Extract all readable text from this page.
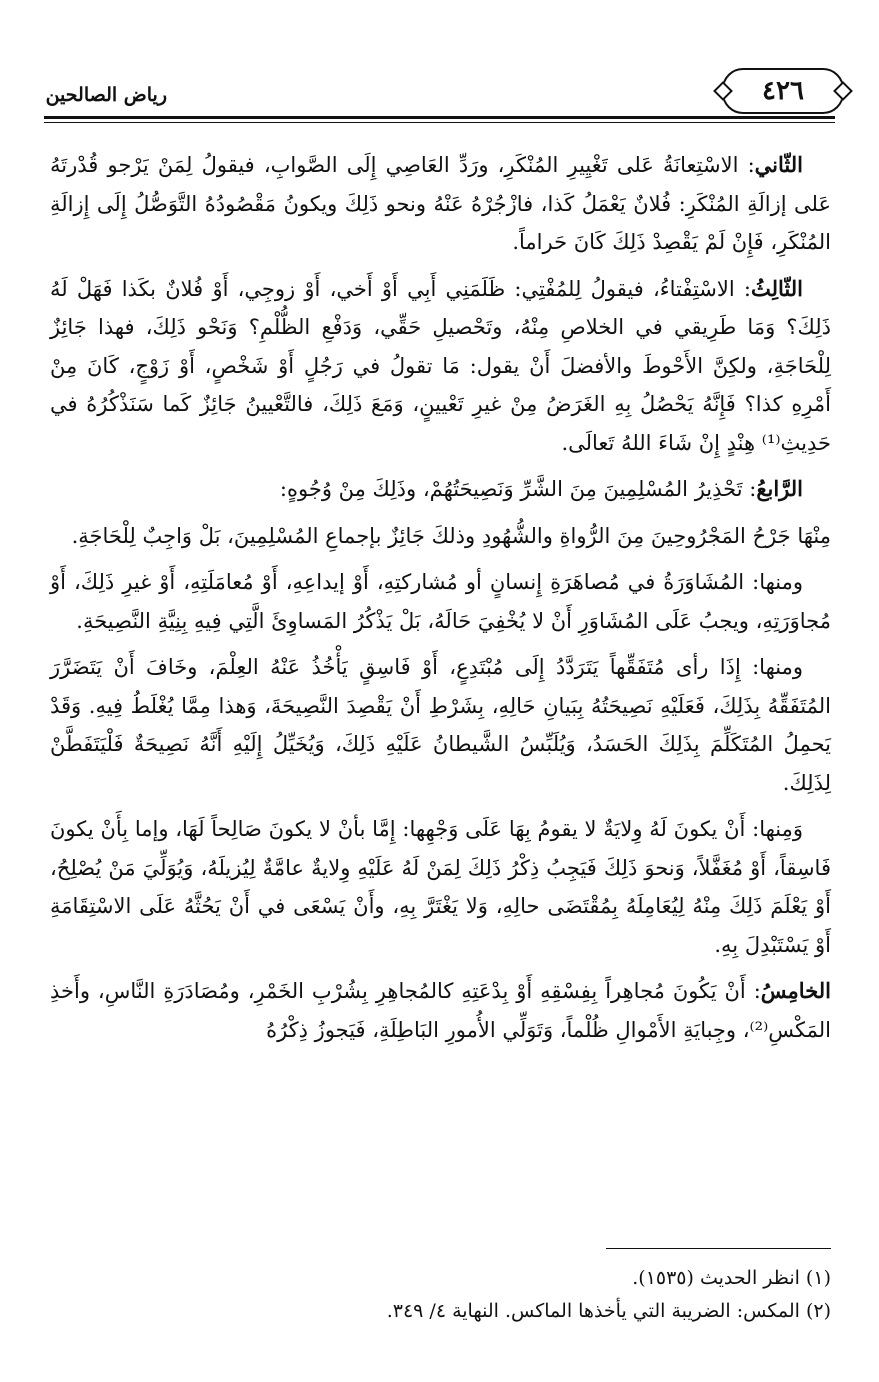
رياض الصالحين	٤٢٦

الثّاني: الاسْتِعانَةُ عَلى تَغْيِيرِ المُنْكَرِ، ورَدِّ العَاصِي إِلَى الصَّوابِ، فيقولُ لِمَنْ يَرْجو قُدْرتَهُ عَلى إزالَةِ المُنْكَرِ: فُلانٌ يَعْمَلُ كَذا، فازْجُرْهُ عَنْهُ ونحو ذَلِكَ ويكونُ مَقْصُودُهُ التَّوَصُّلُ إِلَى إِزالَةِ المُنْكَرِ، فَإِنْ لَمْ يَقْصِدْ ذَلِكَ كَانَ حَراماً.

الثّالِثُ: الاسْتِفْتاءُ، فيقولُ لِلمُفْتِي: ظَلَمَنِي أَبِي أَوْ أَخي، أَوْ زوجِي، أَوْ فُلانٌ بكَذا فَهَلْ لَهُ ذَلِكَ؟ وَمَا طَرِيقي في الخلاصِ مِنْهُ، وتَحْصيلِ حَقِّي، وَدَفْعِ الظُّلْمِ؟ وَنَحْو ذَلِكَ، فهذا جَائِزٌ لِلْحَاجَةِ، ولكِنَّ الأَحْوطَ والأفضلَ أَنْ يقول: مَا تقولُ في رَجُلٍ أَوْ شَخْصٍ، أَوْ زَوْجٍ، كَانَ مِنْ أَمْرِهِ كذا؟ فَإِنَّهُ يَحْصُلُ بِهِ الغَرَضُ مِنْ غيرِ تَعْيينٍ، وَمَعَ ذَلِكَ، فالتَّعْيينُ جَائِزٌ كَما سَنَذْكُرُهُ في حَدِيثِ⁽¹⁾ هِنْدٍ إِنْ شَاءَ اللهُ تَعالَى.

الرَّابعُ: تَحْذِيرُ المُسْلِمِينَ مِنَ الشَّرِّ وَنَصِيحَتُهُمْ، وذَلِكَ مِنْ وُجُوهٍ:

مِنْهَا جَرْحُ المَجْرُوحِينَ مِنَ الرُّواةِ والشُّهُودِ وذلكَ جَائِزٌ بإجماعِ المُسْلِمِينَ، بَلْ وَاجِبٌ لِلْحَاجَةِ.

ومنها: المُشَاوَرَةُ في مُصاهَرَةِ إِنسانٍ أو مُشاركتِهِ، أَوْ إيداعِهِ، أَوْ مُعامَلَتِهِ، أَوْ غيرِ ذَلِكَ، أَوْ مُجاوَرَتِهِ، ويجبُ عَلَى المُشَاوَرِ أَنْ لا يُخْفِيَ حَالَهُ، بَلْ يَذْكُرُ المَساوِئَ الَّتِي فِيهِ بِنِيَّةِ النَّصِيحَةِ.

ومنها: إِذَا رأى مُتَفَقِّهاً يَتَرَدَّدُ إِلَى مُبْتَدِعٍ، أَوْ فَاسِقٍ يَأْخُذُ عَنْهُ العِلْمَ، وخَافَ أَنْ يَتَضَرَّرَ المُتَفَقِّهُ بِذَلِكَ، فَعَلَيْهِ نَصِيحَتُهُ بِبَيانِ حَالِهِ، بِشَرْطِ أَنْ يَقْصِدَ النَّصِيحَةَ، وَهذا مِمَّا يُغْلَطُ فِيهِ. وَقَدْ يَحمِلُ المُتَكَلِّمَ بِذَلِكَ الحَسَدُ، وَيُلَبِّسُ الشَّيطانُ عَلَيْهِ ذَلِكَ، وَيُخَيِّلُ إِلَيْهِ أَنَّهُ نَصِيحَةٌ فَلْيَتَفَطَّنْ لِذَلِكَ.

وَمِنها: أَنْ يكونَ لَهُ وِلايَةٌ لا يقومُ بِهَا عَلَى وَجْهِها: إِمَّا بأنْ لا يكونَ صَالِحاً لَهَا، وإما بِأَنْ يكونَ فَاسِقاً، أَوْ مُغَفَّلاً، وَنحوَ ذَلِكَ فَيَجِبُ ذِكْرُ ذَلِكَ لِمَنْ لَهُ عَلَيْهِ وِلايةٌ عامَّةٌ لِيُزيلَهُ، وَيُوَلِّيَ مَنْ يُصْلِحُ، أَوْ يَعْلَمَ ذَلِكَ مِنْهُ لِيُعَامِلَهُ بِمُقْتَضَى حالِهِ، وَلا يَغْتَرَّ بِهِ، وأَنْ يَسْعَى في أَنْ يَحُثَّهُ عَلَى الاسْتِقَامَةِ أَوْ يَسْتَبْدِلَ بِهِ.

الخامِسُ: أَنْ يَكُونَ مُجاهِراً بِفِسْقِهِ أَوْ بِدْعَتِهِ كالمُجاهِرِ بِشُرْبِ الخَمْرِ، ومُصَادَرَةِ النَّاسِ، وأَخذِ المَكْسِ⁽²⁾، وجِبايَةِ الأَمْوالِ ظُلْماً، وَتَوَلِّي الأُمورِ البَاطِلَةِ، فَيَجوزُ ذِكْرُهُ

(١) انظر الحديث (١٥٣٥).

(٢) المكس: الضريبة التي يأخذها الماكس. النهاية ٤/ ٣٤٩.
